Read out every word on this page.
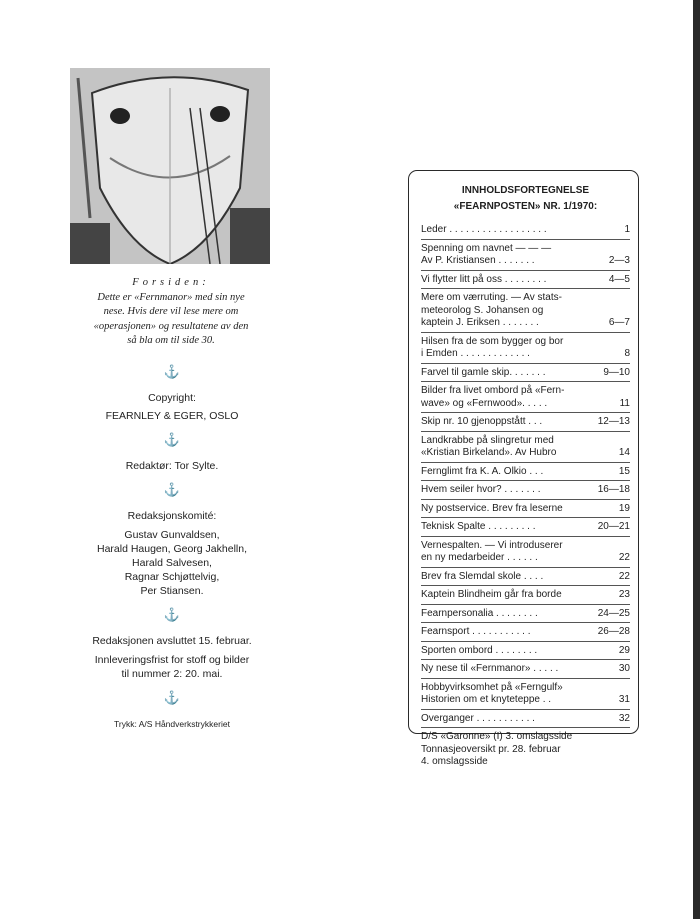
Forsiden:
Dette er «Fernmanor» med sin nye
nese. Hvis dere vil lese mere om
«operasjonen» og resultatene av den
så bla om til side 30.
⚓
Copyright:
FEARNLEY & EGER, OSLO
⚓
Redaktør: Tor Sylte.
⚓
Redaksjonskomité:
Gustav Gunvaldsen,
Harald Haugen, Georg Jakhelln,
Harald Salvesen,
Ragnar Schjøttelvig,
Per Stiansen.
⚓
Redaksjonen avsluttet 15. februar.
Innleveringsfrist for stoff og bilder
til nummer 2: 20. mai.
⚓
Trykk: A/S Håndverkstrykkeriet
INNHOLDSFORTEGNELSE
«FEARNPOSTEN» NR. 1/1970:
Leder . . . . . . . . . . . . . . . . . .	1
Spenning om navnet — — —
Av P. Kristiansen . . . . . . .	2—3
Vi flytter litt på oss . . . . . . . .	4—5
Mere om værruting. — Av stats-
meteorolog S. Johansen og
kaptein J. Eriksen . . . . . . .	6—7
Hilsen fra de som bygger og bor
i Emden . . . . . . . . . . . . .	8
Farvel til gamle skip. . . . . . .	9—10
Bilder fra livet ombord på «Fern-
wave» og «Fernwood». . . . .	11
Skip nr. 10 gjenoppstått . . .	12—13
Landkrabbe på slingretur med
«Kristian Birkeland». Av Hubro	14
Fernglimt fra K. A. Olkio . . .	15
Hvem seiler hvor? . . . . . . .	16—18
Ny postservice. Brev fra leserne	19
Teknisk Spalte . . . . . . . . .	20—21
Vernespalten. — Vi introduserer
en ny medarbeider . . . . . .	22
Brev fra Slemdal skole . . . .	22
Kaptein Blindheim går fra borde	23
Fearnpersonalia . . . . . . . .	24—25
Fearnsport . . . . . . . . . . .	26—28
Sporten ombord . . . . . . . .	29
Ny nese til «Fernmanor» . . . . .	30
Hobbyvirksomhet på «Ferngulf»
Historien om et knyteteppe . .	31
Overganger . . . . . . . . . . .	32
D/S «Garonne» (I) 3. omslagsside
Tonnasjeoversikt pr. 28. februar
4. omslagsside
